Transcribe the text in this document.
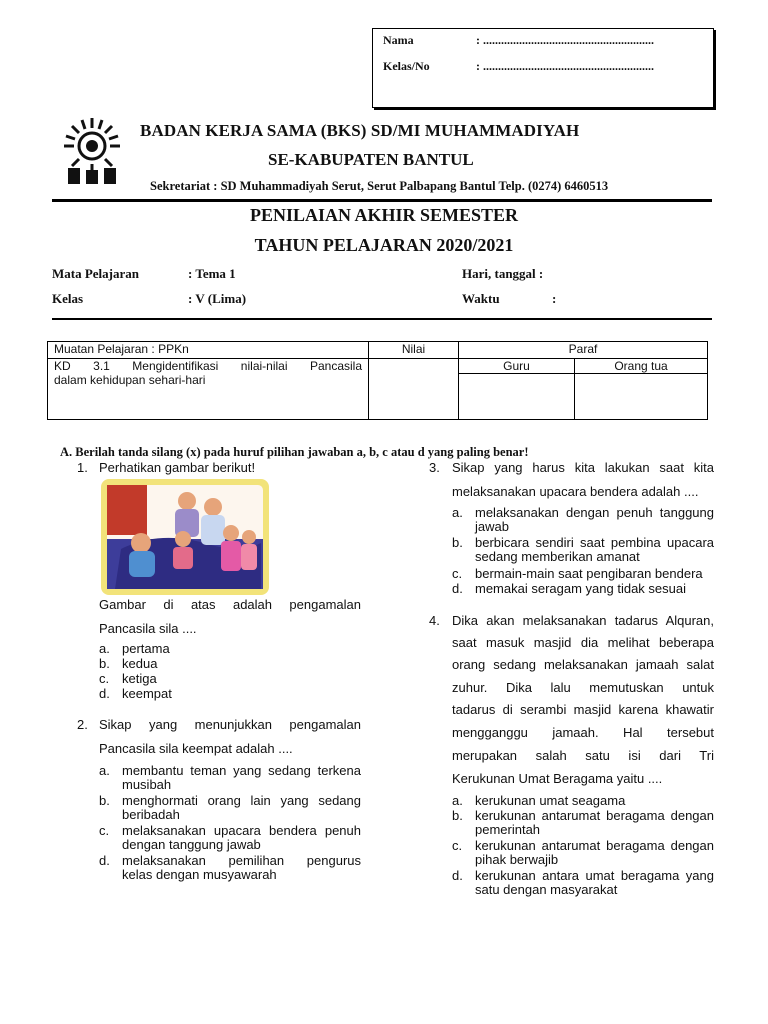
Nama	: .........................................................
Kelas/No	: .........................................................
BADAN KERJA SAMA (BKS) SD/MI MUHAMMADIYAH
SE-KABUPATEN BANTUL
Sekretariat : SD Muhammadiyah Serut, Serut Palbapang Bantul Telp. (0274) 6460513
PENILAIAN AKHIR SEMESTER
TAHUN PELAJARAN 2020/2021
Mata Pelajaran	: Tema 1	Hari, tanggal :
Kelas	: V (Lima)	Waktu	:
Muatan Pelajaran : PPKn	Nilai	Paraf	

KD 3.1 Mengidentifikasi nilai-nilai Pancasila
dalam kehidupan sehari-hari		Guru	Orang tua

A. Berilah tanda silang (x) pada huruf pilihan jawaban a, b, c atau d yang paling benar!
1. Perhatikan gambar berikut!
Gambar di atas adalah pengamalan
Pancasila sila ....
a. pertama
b. kedua
c. ketiga
d. keempat
2. Sikap yang menunjukkan pengamalan
Pancasila sila keempat adalah ....
a. membantu teman yang sedang terkena
musibah
b. menghormati orang lain yang sedang
beribadah
c. melaksanakan upacara bendera penuh
dengan tanggung jawab
d. melaksanakan pemilihan pengurus
kelas dengan musyawarah
3. Sikap yang harus kita lakukan saat kita
melaksanakan upacara bendera adalah ....
a. melaksanakan dengan penuh tanggung
jawab
b. berbicara sendiri saat pembina upacara
sedang memberikan amanat
c. bermain-main saat pengibaran bendera
d. memakai seragam yang tidak sesuai
4. Dika akan melaksanakan tadarus Alquran,
saat masuk masjid dia melihat beberapa
orang sedang melaksanakan jamaah salat
zuhur. Dika lalu memutuskan untuk
tadarus di serambi masjid karena khawatir
mengganggu jamaah. Hal tersebut
merupakan salah satu isi dari Tri
Kerukunan Umat Beragama yaitu ....
a. kerukunan umat seagama
b. kerukunan antarumat beragama dengan
pemerintah
c. kerukunan antarumat beragama dengan
pihak berwajib
d. kerukunan antara umat beragama yang
satu dengan masyarakat
